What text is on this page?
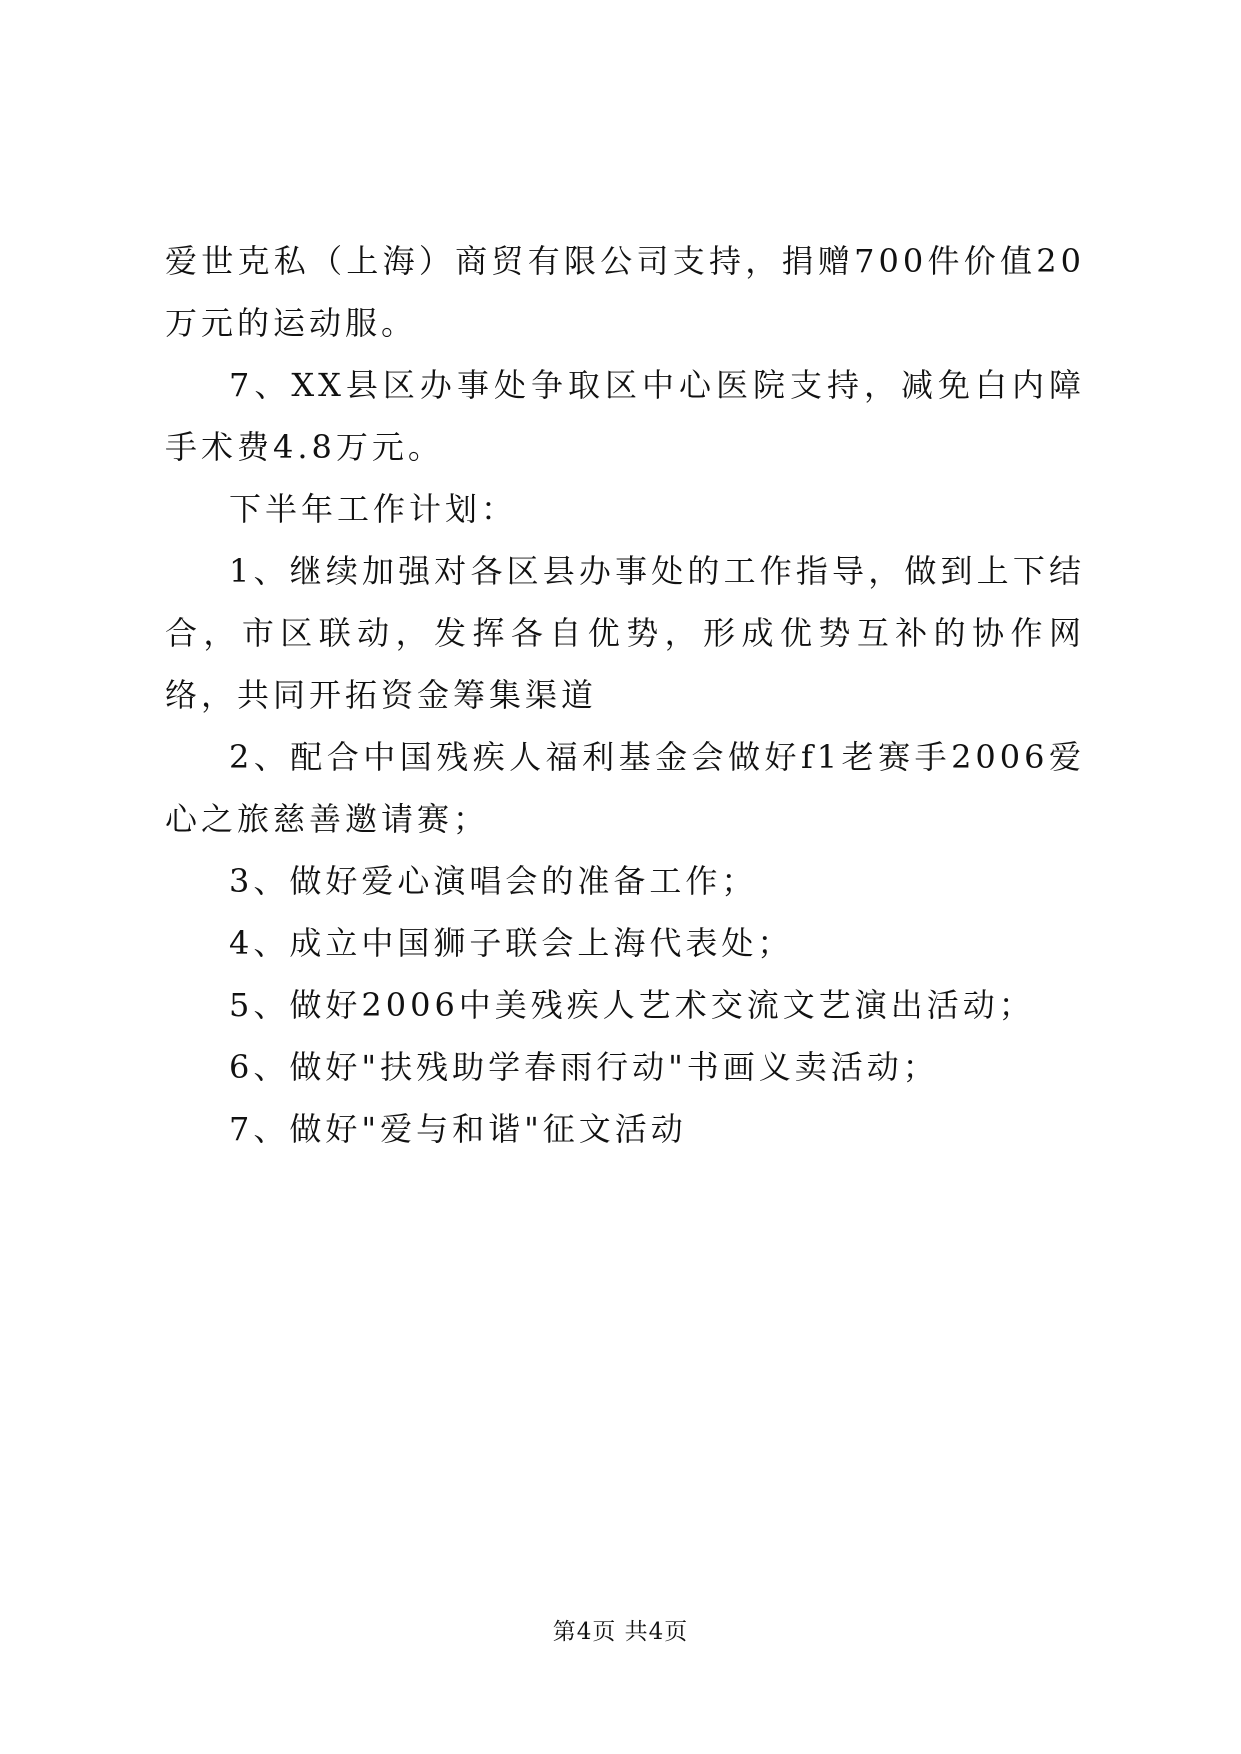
爱世克私（上海）商贸有限公司支持，捐赠700件价值20万元的运动服。

7、XX县区办事处争取区中心医院支持，减免白内障手术费4.8万元。

下半年工作计划：

1、继续加强对各区县办事处的工作指导，做到上下结合，市区联动，发挥各自优势，形成优势互补的协作网络，共同开拓资金筹集渠道

2、配合中国残疾人福利基金会做好f1老赛手2006爱心之旅慈善邀请赛；

3、做好爱心演唱会的准备工作；

4、成立中国狮子联会上海代表处；

5、做好2006中美残疾人艺术交流文艺演出活动；

6、做好"扶残助学春雨行动"书画义卖活动；

7、做好"爱与和谐"征文活动

第4页 共4页
